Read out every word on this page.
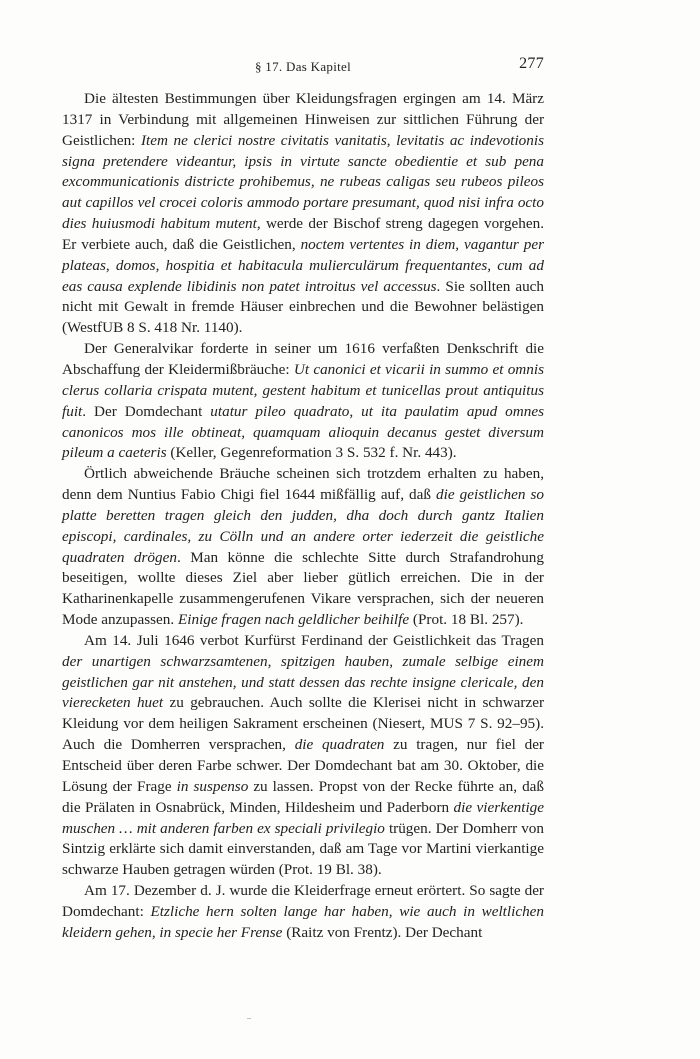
§ 17. Das Kapitel	277

Die ältesten Bestimmungen über Kleidungsfragen ergingen am 14. März 1317 in Verbindung mit allgemeinen Hinweisen zur sittlichen Führung der Geistlichen: Item ne clerici nostre civitatis vanitatis, levitatis ac indevotionis signa pretendere videantur, ipsis in virtute sancte obedientie et sub pena excommunicationis districte prohibemus, ne rubeas caligas seu rubeos pileos aut capillos vel crocei coloris ammodo portare presumant, quod nisi infra octo dies huiusmodi habitum mutent, werde der Bischof streng dagegen vorgehen. Er verbiete auch, daß die Geistlichen, noctem vertentes in diem, vagantur per plateas, domos, hospitia et habitacula mulierculärum frequentantes, cum ad eas causa explende libidinis non patet introitus vel accessus. Sie sollten auch nicht mit Gewalt in fremde Häuser einbrechen und die Bewohner belästigen (WestfUB 8 S. 418 Nr. 1140).

Der Generalvikar forderte in seiner um 1616 verfaßten Denkschrift die Abschaffung der Kleidermißbräuche: Ut canonici et vicarii in summo et omnis clerus collaria crispata mutent, gestent habitum et tunicellas prout antiquitus fuit. Der Domdechant utatur pileo quadrato, ut ita paulatim apud omnes canonicos mos ille obtineat, quamquam alioquin decanus gestet diversum pileum a caeteris (Keller, Gegenreformation 3 S. 532 f. Nr. 443).

Örtlich abweichende Bräuche scheinen sich trotzdem erhalten zu haben, denn dem Nuntius Fabio Chigi fiel 1644 mißfällig auf, daß die geistlichen so platte beretten tragen gleich den judden, dha doch durch gantz Italien episcopi, cardinales, zu Cölln und an andere orter iederzeit die geistliche quadraten drögen. Man könne die schlechte Sitte durch Strafandrohung beseitigen, wollte dieses Ziel aber lieber gütlich erreichen. Die in der Katharinenkapelle zusammengerufenen Vikare versprachen, sich der neueren Mode anzupassen. Einige fragen nach geldlicher beihilfe (Prot. 18 Bl. 257).

Am 14. Juli 1646 verbot Kurfürst Ferdinand der Geistlichkeit das Tragen der unartigen schwarzsamtenen, spitzigen hauben, zumale selbige einem geistlichen gar nit anstehen, und statt dessen das rechte insigne clericale, den vierecketen huet zu gebrauchen. Auch sollte die Klerisei nicht in schwarzer Kleidung vor dem heiligen Sakrament erscheinen (Niesert, MUS 7 S. 92–95). Auch die Domherren versprachen, die quadraten zu tragen, nur fiel der Entscheid über deren Farbe schwer. Der Domdechant bat am 30. Oktober, die Lösung der Frage in suspenso zu lassen. Propst von der Recke führte an, daß die Prälaten in Osnabrück, Minden, Hildesheim und Paderborn die vierkentige muschen … mit anderen farben ex speciali privilegio trügen. Der Domherr von Sintzig erklärte sich damit einverstanden, daß am Tage vor Martini vierkantige schwarze Hauben getragen würden (Prot. 19 Bl. 38).

Am 17. Dezember d. J. wurde die Kleiderfrage erneut erörtert. So sagte der Domdechant: Etzliche hern solten lange har haben, wie auch in weltlichen kleidern gehen, in specie her Frense (Raitz von Frentz). Der Dechant

–
